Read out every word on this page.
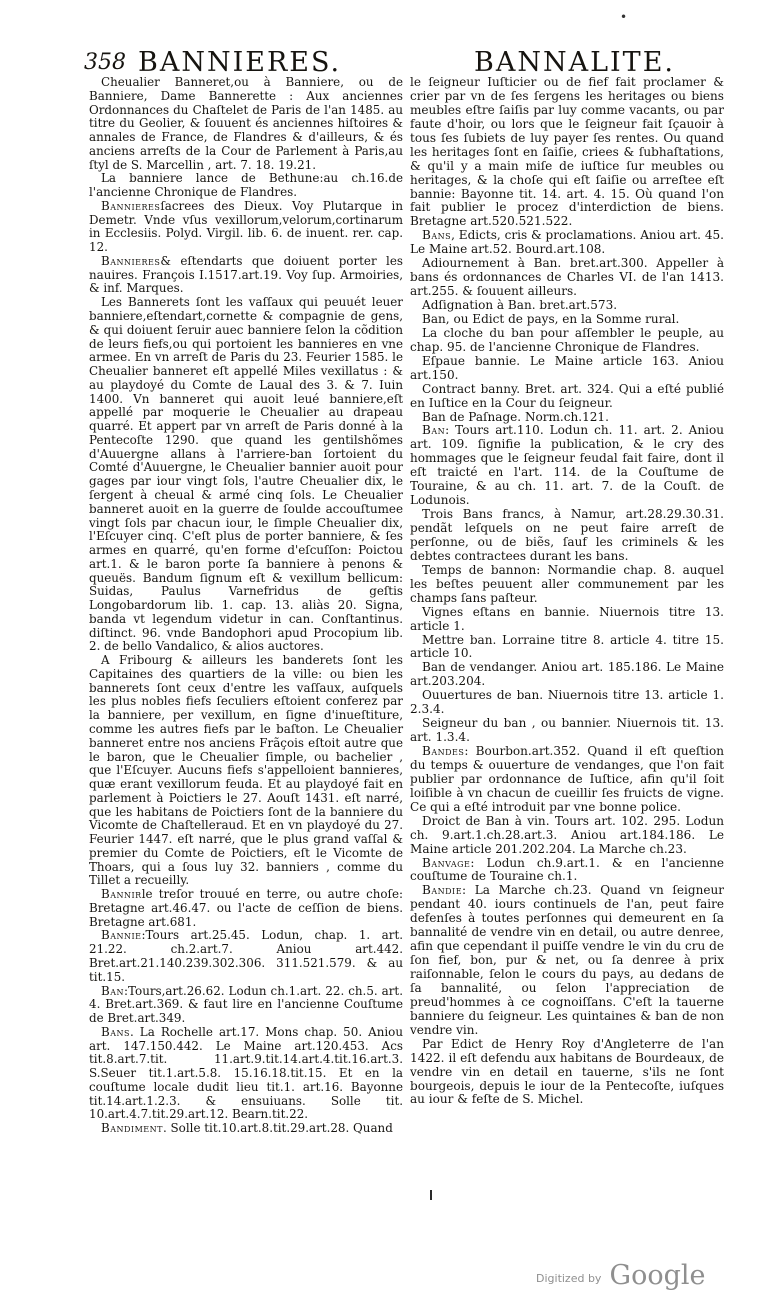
•
358 BANNIERES.	BANNALITE.

Cheualier Banneret,ou à Banniere, ou de Banniere, Dame Bannerette : Aux anciennes Ordonnances du Chaſtelet de Paris de l'an 1485. au titre du Geolier, & ſouuent és anciennes hiſtoires & annales de France, de Flandres & d'ailleurs, & és anciens arreſts de la Cour de Parlement à Paris,au ſtyl de S. Marcellin , art. 7. 18. 19.21.

La banniere lance de Bethune:au ch.16.de l'ancienne Chronique de Flandres.

Bannieresſacrees des Dieux. Voy Plutarque in Demetr. Vnde vſus vexillorum,velorum,cortinarum in Ecclesiis. Polyd. Virgil. lib. 6. de inuent. rer. cap. 12.

Bannieres& eſtendarts que doiuent porter les nauires. François I.1517.art.19. Voy ſup. Armoiries, & inf. Marques.

Les Bannerets ſont les vaſſaux qui peuuét leuer banniere,eſtendart,cornette & compagnie de gens, & qui doiuent ſeruir auec banniere ſelon la cõdition de leurs fiefs,ou qui portoient les bannieres en vne armee. En vn arreſt de Paris du 23. Feurier 1585. le Cheualier banneret eſt appellé Miles vexillatus : & au playdoyé du Comte de Laual des 3. & 7. Iuin 1400. Vn banneret qui auoit leué banniere,eſt appellé par moquerie le Cheualier au drapeau quarré. Et appert par vn arreſt de Paris donné à la Pentecoſte 1290. que quand les gentilshõmes d'Auuergne allans à l'arriere-ban ſortoient du Comté d'Auuergne, le Cheualier bannier auoit pour gages par iour vingt ſols, l'autre Cheualier dix, le ſergent à cheual & armé cinq ſols. Le Cheualier banneret auoit en la guerre de ſoulde accouſtumee vingt ſols par chacun iour, le ſimple Cheualier dix, l'Eſcuyer cinq. C'eſt plus de porter banniere, & ſes armes en quarré, qu'en forme d'eſcuſſon: Poictou art.1. & le baron porte ſa banniere à penons & queuës. Bandum ſignum eſt & vexillum bellicum: Suidas, Paulus Varnefridus de geſtis Longobardorum lib. 1. cap. 13. aliàs 20. Signa, banda vt legendum videtur in can. Conſtantinus. diſtinct. 96. vnde Bandophori apud Procopium lib. 2. de bello Vandalico, & alios auctores.

A Fribourg & ailleurs les banderets ſont les Capitaines des quartiers de la ville: ou bien les bannerets ſont ceux d'entre les vaſſaux, auſquels les plus nobles fiefs ſeculiers eſtoient conferez par la banniere, per vexillum, en ſigne d'inueſtiture, comme les autres fiefs par le baſton. Le Cheualier banneret entre nos anciens Frãçois eſtoit autre que le baron, que le Cheualier ſimple, ou bachelier , que l'Eſcuyer. Aucuns fiefs s'appelloient bannieres, quæ erant vexillorum feuda. Et au playdoyé fait en parlement à Poictiers le 27. Aouſt 1431. eſt narré, que les habitans de Poictiers ſont de la banniere du Vicomte de Chaſtelleraud. Et en vn playdoyé du 27. Feurier 1447. eſt narré, que le plus grand vaſſal & premier du Comte de Poictiers, eſt le Vicomte de Thoars, qui a ſous luy 32. banniers , comme du Tillet a recueilly.

Bannirle treſor trouué en terre, ou autre choſe: Bretagne art.46.47. ou l'acte de ceſſion de biens. Bretagne art.681.

Bannie:Tours art.25.45. Lodun, chap. 1. art. 21.22. ch.2.art.7. Aniou art.442. Bret.art.21.140.239.302.306. 311.521.579. & au tit.15.

Ban:Tours,art.26.62. Lodun ch.1.art. 22. ch.5. art. 4. Bret.art.369. & faut lire en l'ancienne Couſtume de Bret.art.349.

Bans. La Rochelle art.17. Mons chap. 50. Aniou art. 147.150.442. Le Maine art.120.453. Acs tit.8.art.7.tit. 11.art.9.tit.14.art.4.tit.16.art.3. S.Seuer tit.1.art.5.8. 15.16.18.tit.15. Et en la couſtume locale dudit lieu tit.1. art.16. Bayonne tit.14.art.1.2.3. & ensuiuans. Solle tit. 10.art.4.7.tit.29.art.12. Bearn.tit.22.

Bandiment. Solle tit.10.art.8.tit.29.art.28. Quand

le ſeigneur Iuſticier ou de fief fait proclamer & crier par vn de ſes ſergens les heritages ou biens meubles eſtre ſaiſis par luy comme vacants, ou par faute d'hoir, ou lors que le ſeigneur fait ſçauoir à tous ſes ſubiets de luy payer ſes rentes. Ou quand les heritages ſont en ſaiſie, criees & ſubhaſtations, & qu'il y a main miſe de iuſtice ſur meubles ou heritages, & la choſe qui eſt ſaiſie ou arreſtee eſt bannie: Bayonne tit. 14. art. 4. 15. Où quand l'on fait publier le procez d'interdiction de biens. Bretagne art.520.521.522.

Bans, Edicts, cris & proclamations. Aniou art. 45. Le Maine art.52. Bourd.art.108.

Adiournement à Ban. bret.art.300. Appeller à bans és ordonnances de Charles VI. de l'an 1413. art.255. & ſouuent ailleurs.

Adſignation à Ban. bret.art.573.

Ban, ou Edict de pays, en la Somme rural.

La cloche du ban pour aſſembler le peuple, au chap. 95. de l'ancienne Chronique de Flandres.

Eſpaue bannie. Le Maine article 163. Aniou art.150.

Contract banny. Bret. art. 324. Qui a eſté publié en Iuſtice en la Cour du ſeigneur.

Ban de Paſnage. Norm.ch.121.

Ban: Tours art.110. Lodun ch. 11. art. 2. Aniou art. 109. ſignifie la publication, & le cry des hommages que le ſeigneur feudal fait faire, dont il eſt traicté en l'art. 114. de la Couſtume de Touraine, & au ch. 11. art. 7. de la Couſt. de Lodunois.

Trois Bans francs, à Namur, art.28.29.30.31. pendãt leſquels on ne peut faire arreſt de perſonne, ou de biẽs, ſauf les criminels & les debtes contractees durant les bans.

Temps de bannon: Normandie chap. 8. auquel les beſtes peuuent aller communement par les champs ſans paſteur.

Vignes eſtans en bannie. Niuernois titre 13. article 1.

Mettre ban. Lorraine titre 8. article 4. titre 15. article 10.

Ban de vendanger. Aniou art. 185.186. Le Maine art.203.204.

Ouuertures de ban. Niuernois titre 13. article 1. 2.3.4.

Seigneur du ban , ou bannier. Niuernois tit. 13. art. 1.3.4.

Bandes: Bourbon.art.352. Quand il eſt queſtion du temps & ouuerture de vendanges, que l'on fait publier par ordonnance de Iuſtice, afin qu'il ſoit loiſible à vn chacun de cueillir ſes fruicts de vigne. Ce qui a eſté introduit par vne bonne police.

Droict de Ban à vin. Tours art. 102. 295. Lodun ch. 9.art.1.ch.28.art.3. Aniou art.184.186. Le Maine article 201.202.204. La Marche ch.23.

Banvage: Lodun ch.9.art.1. & en l'ancienne couſtume de Touraine ch.1.

Bandie: La Marche ch.23. Quand vn ſeigneur pendant 40. iours continuels de l'an, peut faire defenſes à toutes perſonnes qui demeurent en ſa bannalité de vendre vin en detail, ou autre denree, afin que cependant il puiſſe vendre le vin du cru de ſon fief, bon, pur & net, ou ſa denree à prix raiſonnable, ſelon le cours du pays, au dedans de ſa bannalité, ou ſelon l'appreciation de preud'hommes à ce cognoiſſans. C'eſt la tauerne banniere du ſeigneur. Les quintaines & ban de non vendre vin.

Par Edict de Henry Roy d'Angleterre de l'an 1422. il eſt defendu aux habitans de Bourdeaux, de vendre vin en detail en tauerne, s'ils ne ſont bourgeois, depuis le iour de la Pentecoſte, iuſques au iour & feſte de S. Michel.

Digitized by Google
